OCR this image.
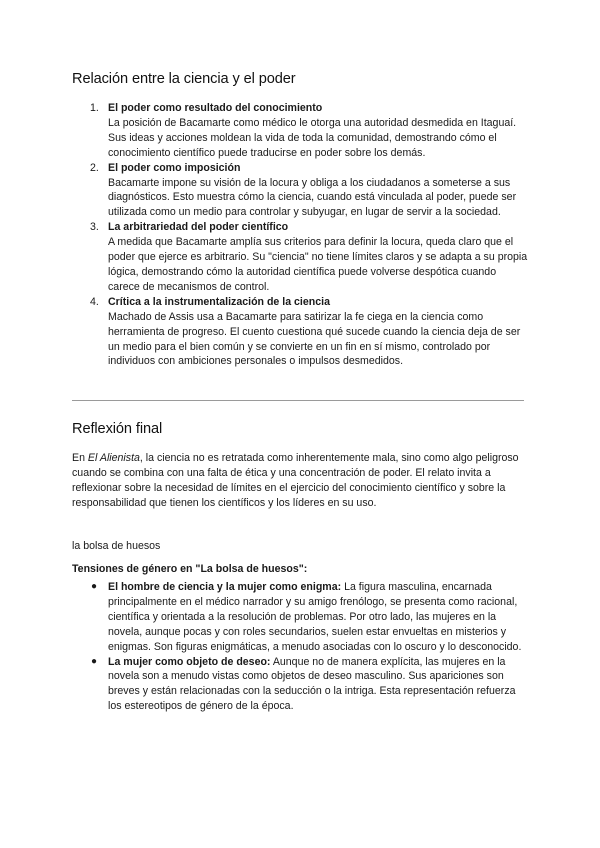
Relación entre la ciencia y el poder
1. El poder como resultado del conocimiento
La posición de Bacamarte como médico le otorga una autoridad desmedida en Itaguaí. Sus ideas y acciones moldean la vida de toda la comunidad, demostrando cómo el conocimiento científico puede traducirse en poder sobre los demás.
2. El poder como imposición
Bacamarte impone su visión de la locura y obliga a los ciudadanos a someterse a sus diagnósticos. Esto muestra cómo la ciencia, cuando está vinculada al poder, puede ser utilizada como un medio para controlar y subyugar, en lugar de servir a la sociedad.
3. La arbitrariedad del poder científico
A medida que Bacamarte amplía sus criterios para definir la locura, queda claro que el poder que ejerce es arbitrario. Su "ciencia" no tiene límites claros y se adapta a su propia lógica, demostrando cómo la autoridad científica puede volverse despótica cuando carece de mecanismos de control.
4. Crítica a la instrumentalización de la ciencia
Machado de Assis usa a Bacamarte para satirizar la fe ciega en la ciencia como herramienta de progreso. El cuento cuestiona qué sucede cuando la ciencia deja de ser un medio para el bien común y se convierte en un fin en sí mismo, controlado por individuos con ambiciones personales o impulsos desmedidos.
Reflexión final

En El Alienista, la ciencia no es retratada como inherentemente mala, sino como algo peligroso cuando se combina con una falta de ética y una concentración de poder. El relato invita a reflexionar sobre la necesidad de límites en el ejercicio del conocimiento científico y sobre la responsabilidad que tienen los científicos y los líderes en su uso.

la bolsa de huesos

Tensiones de género en "La bolsa de huesos":

● El hombre de ciencia y la mujer como enigma: La figura masculina, encarnada principalmente en el médico narrador y su amigo frenólogo, se presenta como racional, científica y orientada a la resolución de problemas. Por otro lado, las mujeres en la novela, aunque pocas y con roles secundarios, suelen estar envueltas en misterios y enigmas. Son figuras enigmáticas, a menudo asociadas con lo oscuro y lo desconocido.
● La mujer como objeto de deseo: Aunque no de manera explícita, las mujeres en la novela son a menudo vistas como objetos de deseo masculino. Sus apariciones son breves y están relacionadas con la seducción o la intriga. Esta representación refuerza los estereotipos de género de la época.
